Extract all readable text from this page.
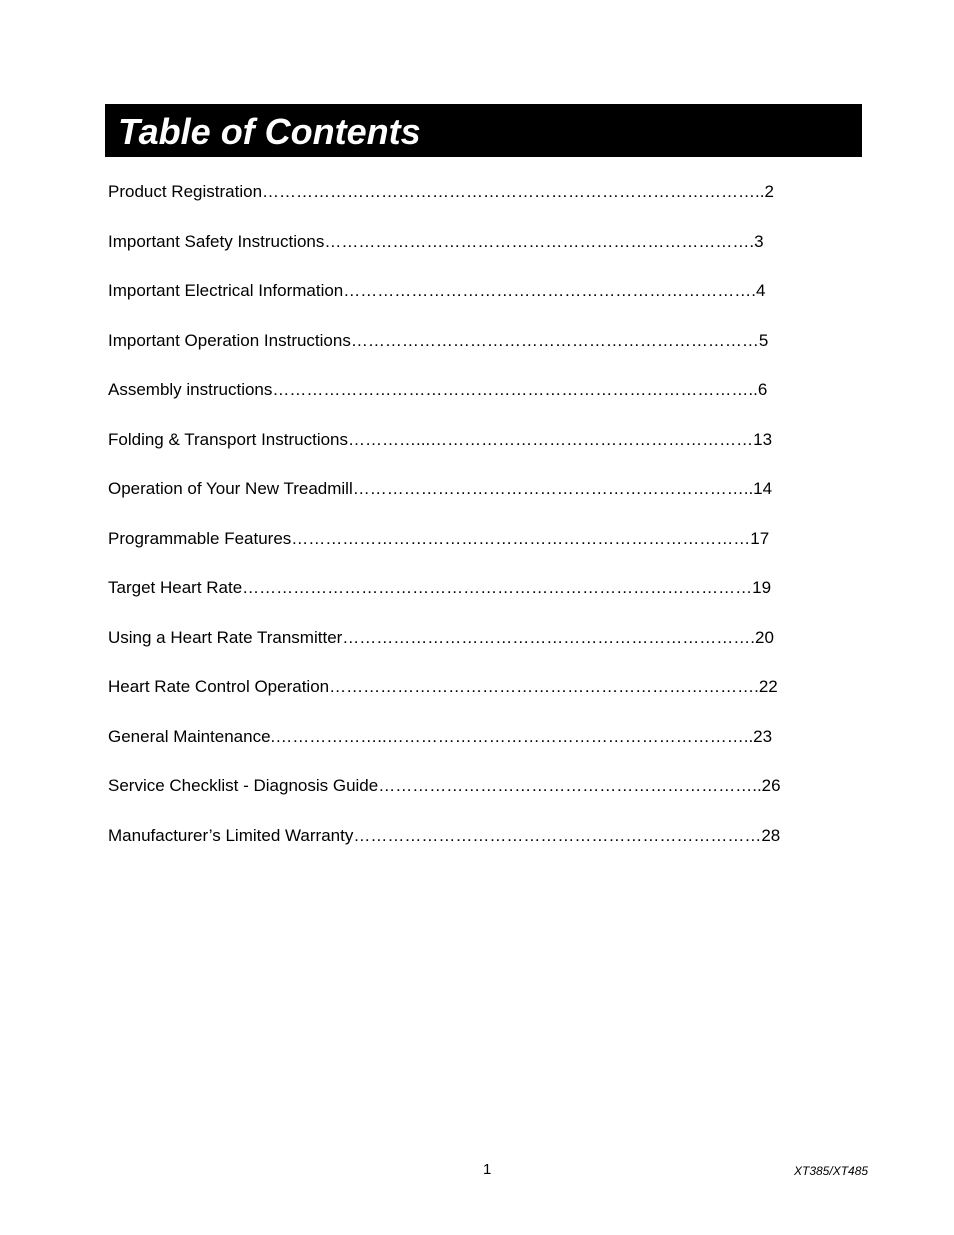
Table of Contents
Product Registration……………………………………………………………………………..2
Important Safety Instructions………………………………………………………………….3
Important Electrical Information……………………………………………………………….4
Important Operation Instructions………………………………………………………………5
Assembly instructions…………………………………………………………………………..6
Folding & Transport Instructions…………...…………………………………………………13
Operation of Your New Treadmill……………………………………………………………..14
Programmable Features………………………………………………………………………17
Target Heart Rate………………………………………………………………………………19
Using a Heart Rate Transmitter……………………………………………………………….20
Heart Rate Control Operation………………………………………………………………….22
General Maintenance.………………..………………………………………………………..23
Service Checklist - Diagnosis Guide…………………………………………………………..26
Manufacturer’s Limited Warranty………………………………………………………………28
1	XT385/XT485
